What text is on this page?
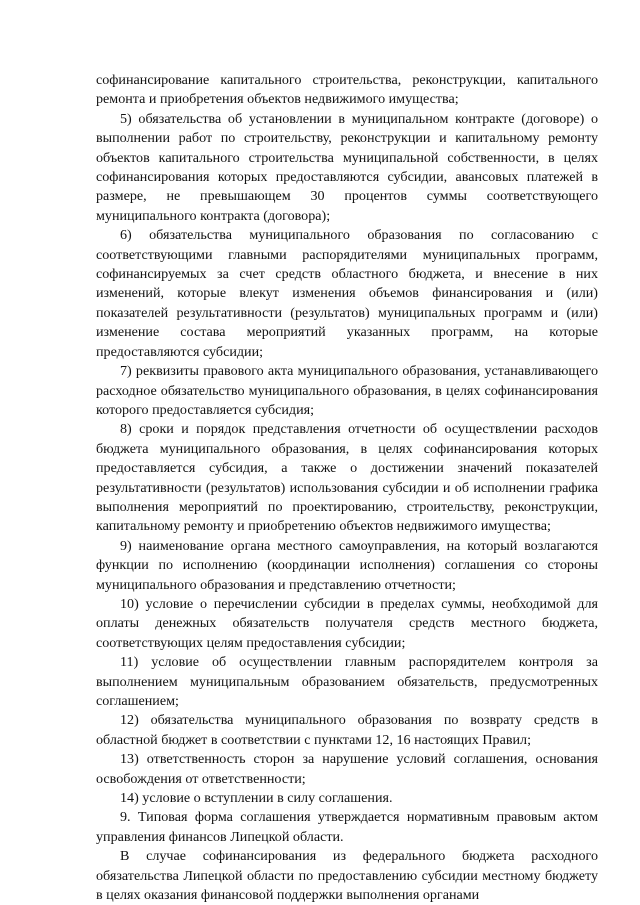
софинансирование капитального строительства, реконструкции, капитального ремонта и приобретения объектов недвижимого имущества;

5) обязательства об установлении в муниципальном контракте (договоре) о выполнении работ по строительству, реконструкции и капитальному ремонту объектов капитального строительства муниципальной собственности, в целях софинансирования которых предоставляются субсидии, авансовых платежей в размере, не превышающем 30 процентов суммы соответствующего муниципального контракта (договора);

6) обязательства муниципального образования по согласованию с соответствующими главными распорядителями муниципальных программ, софинансируемых за счет средств областного бюджета, и внесение в них изменений, которые влекут изменения объемов финансирования и (или) показателей результативности (результатов) муниципальных программ и (или) изменение состава мероприятий указанных программ, на которые предоставляются субсидии;

7) реквизиты правового акта муниципального образования, устанавливающего расходное обязательство муниципального образования, в целях софинансирования которого предоставляется субсидия;

8) сроки и порядок представления отчетности об осуществлении расходов бюджета муниципального образования, в целях софинансирования которых предоставляется субсидия, а также о достижении значений показателей результативности (результатов) использования субсидии и об исполнении графика выполнения мероприятий по проектированию, строительству, реконструкции, капитальному ремонту и приобретению объектов недвижимого имущества;

9) наименование органа местного самоуправления, на который возлагаются функции по исполнению (координации исполнения) соглашения со стороны муниципального образования и представлению отчетности;

10) условие о перечислении субсидии в пределах суммы, необходимой для оплаты денежных обязательств получателя средств местного бюджета, соответствующих целям предоставления субсидии;

11) условие об осуществлении главным распорядителем контроля за выполнением муниципальным образованием обязательств, предусмотренных соглашением;

12) обязательства муниципального образования по возврату средств в областной бюджет в соответствии с пунктами 12, 16 настоящих Правил;

13) ответственность сторон за нарушение условий соглашения, основания освобождения от ответственности;

14) условие о вступлении в силу соглашения.

9. Типовая форма соглашения утверждается нормативным правовым актом управления финансов Липецкой области.

В случае софинансирования из федерального бюджета расходного обязательства Липецкой области по предоставлению субсидии местному бюджету в целях оказания финансовой поддержки выполнения органами
